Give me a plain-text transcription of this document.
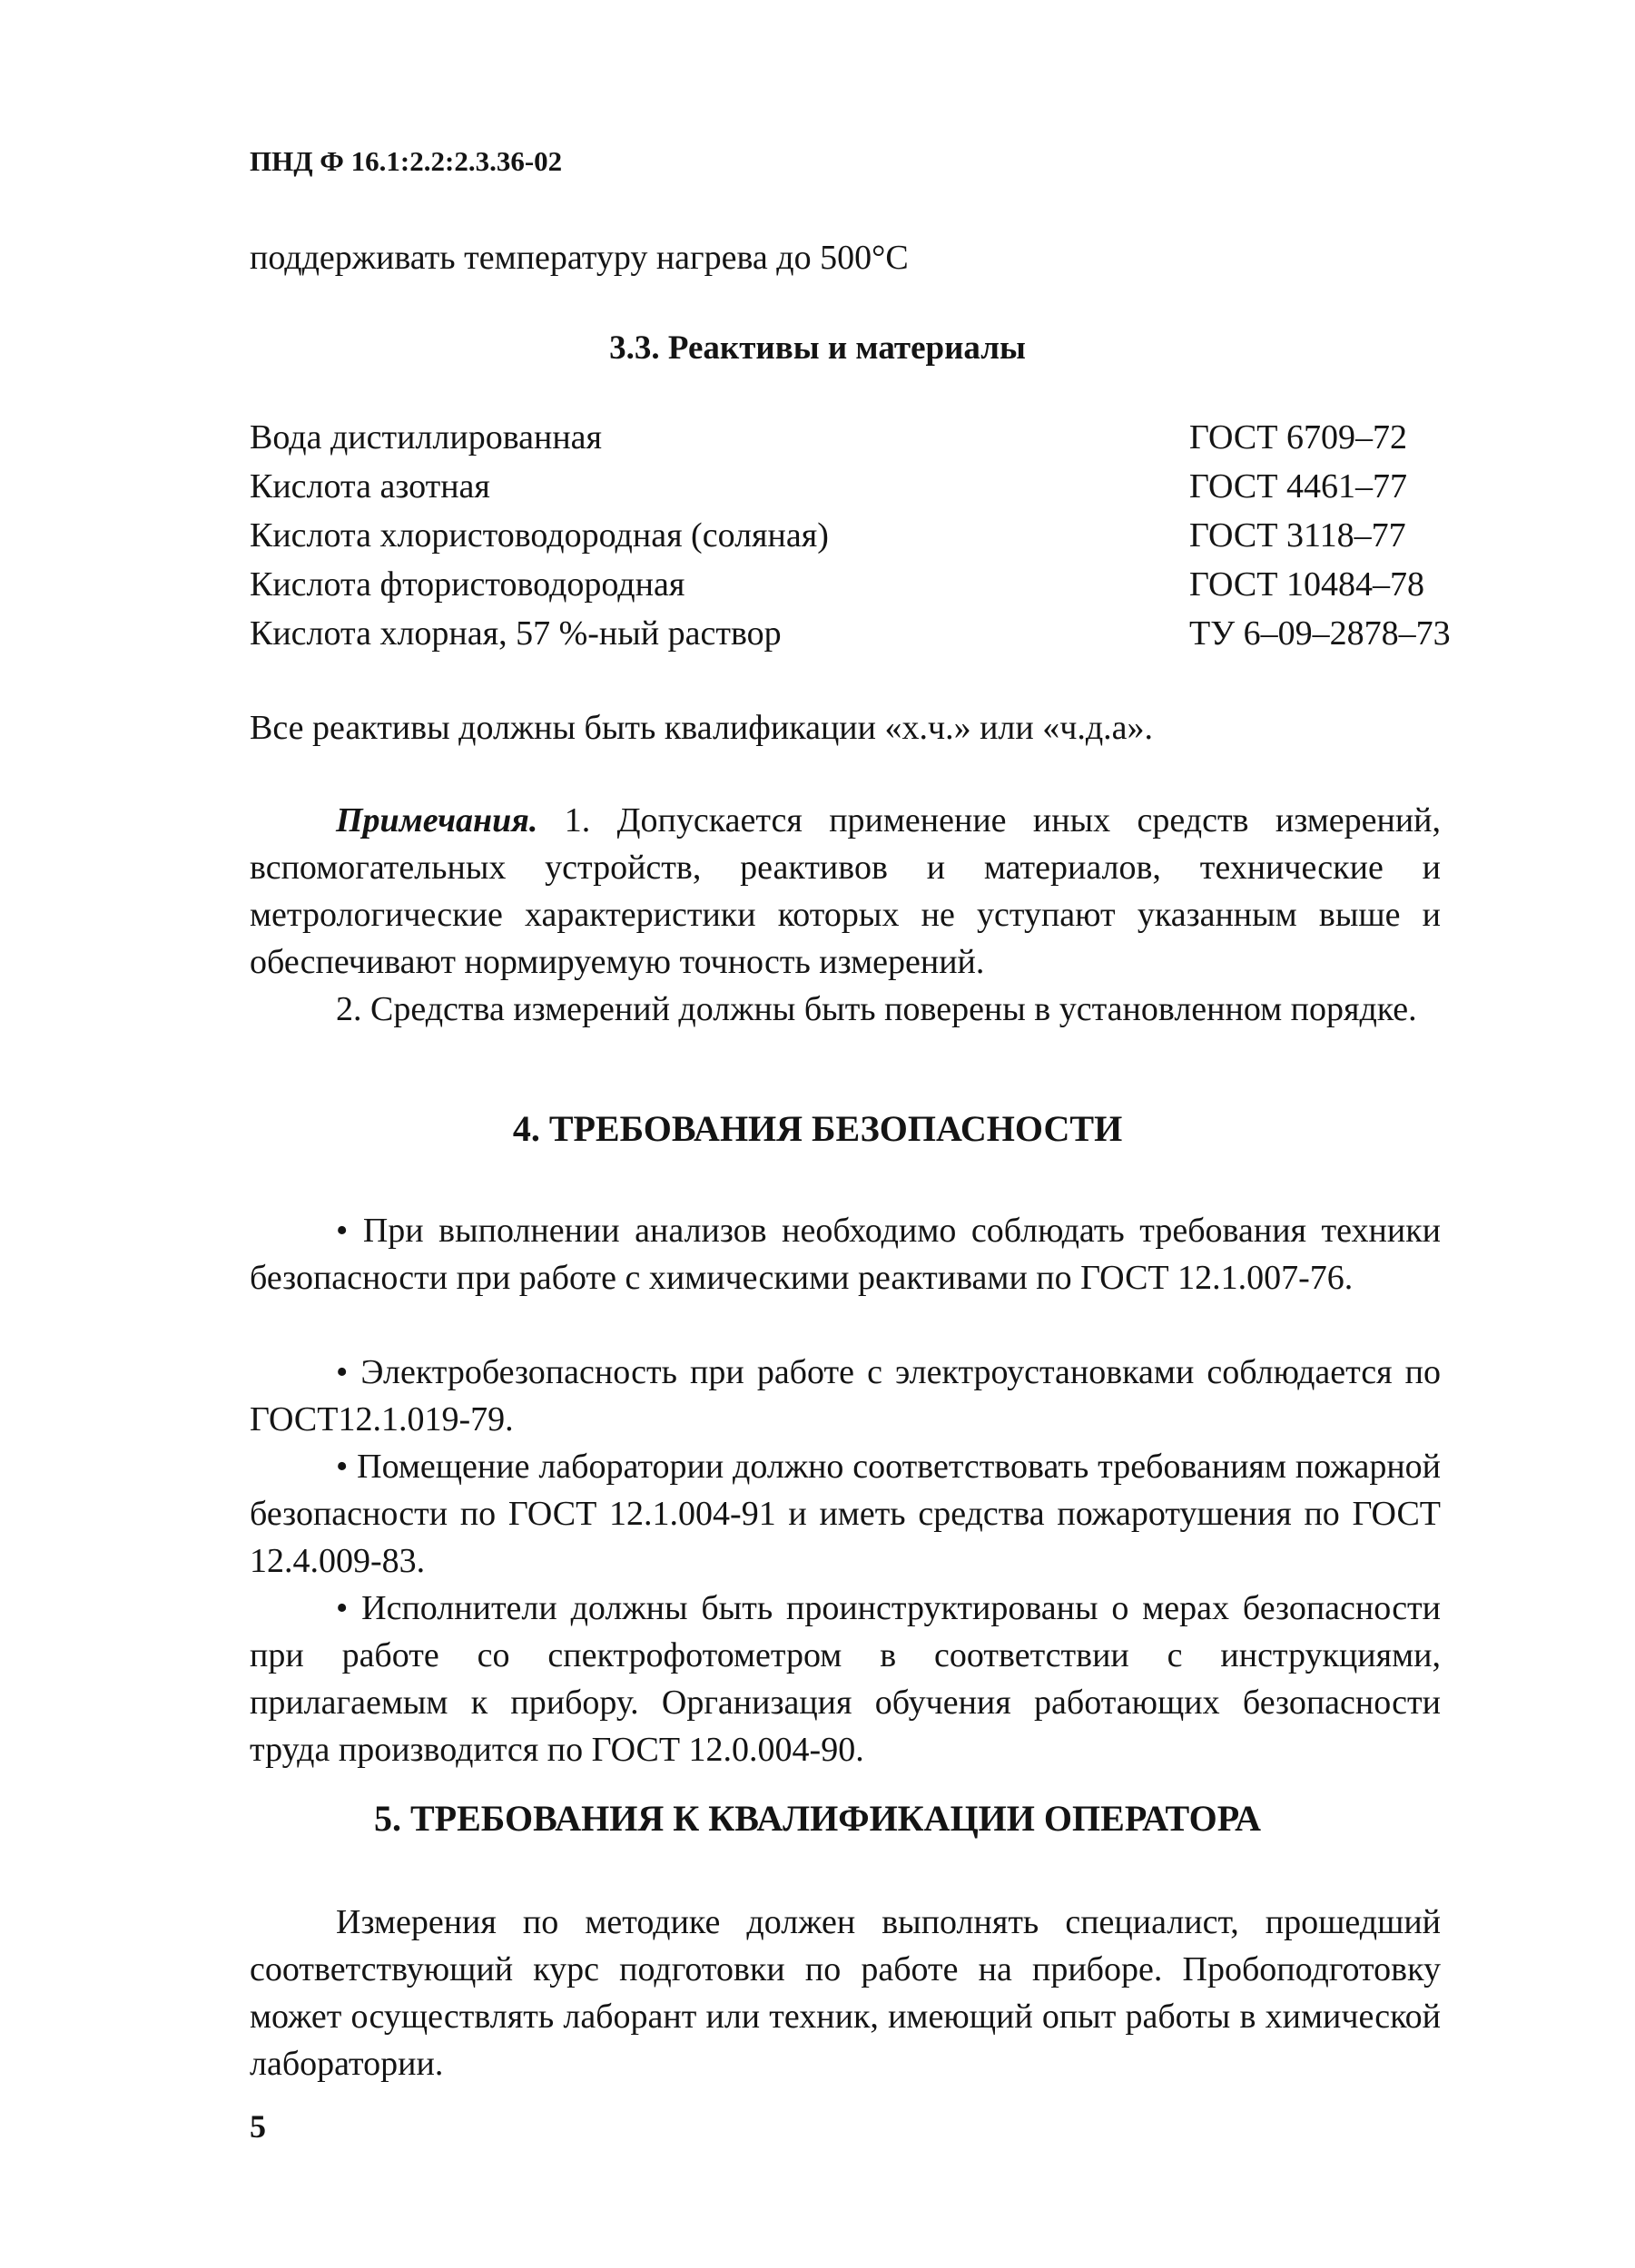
ПНД Ф 16.1:2.2:2.3.36-02
поддерживать температуру нагрева до 500°С
3.3. Реактивы и материалы
Вода дистиллированная	ГОСТ 6709–72
Кислота азотная	ГОСТ 4461–77
Кислота хлористоводородная (соляная)	ГОСТ 3118–77
Кислота фтористоводородная	ГОСТ 10484–78
Кислота хлорная, 57 %-ный раствор	ТУ 6–09–2878–73
Все реактивы должны быть квалификации «х.ч.» или «ч.д.а».
Примечания. 1. Допускается применение иных средств измерений, вспомогательных устройств, реактивов и материалов, технические и метрологические характеристики которых не уступают указанным выше и обеспечивают нормируемую точность измерений.
2. Средства измерений должны быть поверены в установленном порядке.
4. ТРЕБОВАНИЯ БЕЗОПАСНОСТИ
• При выполнении анализов необходимо соблюдать требования техники безопасности при работе с химическими реактивами по ГОСТ 12.1.007-76.
• Электробезопасность при работе с электроустановками соблюдается по ГОСТ12.1.019-79.
• Помещение лаборатории должно соответствовать требованиям пожарной безопасности по ГОСТ 12.1.004-91 и иметь средства пожаротушения по ГОСТ 12.4.009-83.
• Исполнители должны быть проинструктированы о мерах безопасности при работе со спектрофотометром в соответствии с инструкциями, прилагаемым к прибору. Организация обучения работающих безопасности труда производится по ГОСТ 12.0.004-90.
5. ТРЕБОВАНИЯ К КВАЛИФИКАЦИИ ОПЕРАТОРА
Измерения по методике должен выполнять специалист, прошедший соответствующий курс подготовки по работе на приборе. Пробоподготовку может осуществлять лаборант или техник, имеющий опыт работы в химической лаборатории.
5
